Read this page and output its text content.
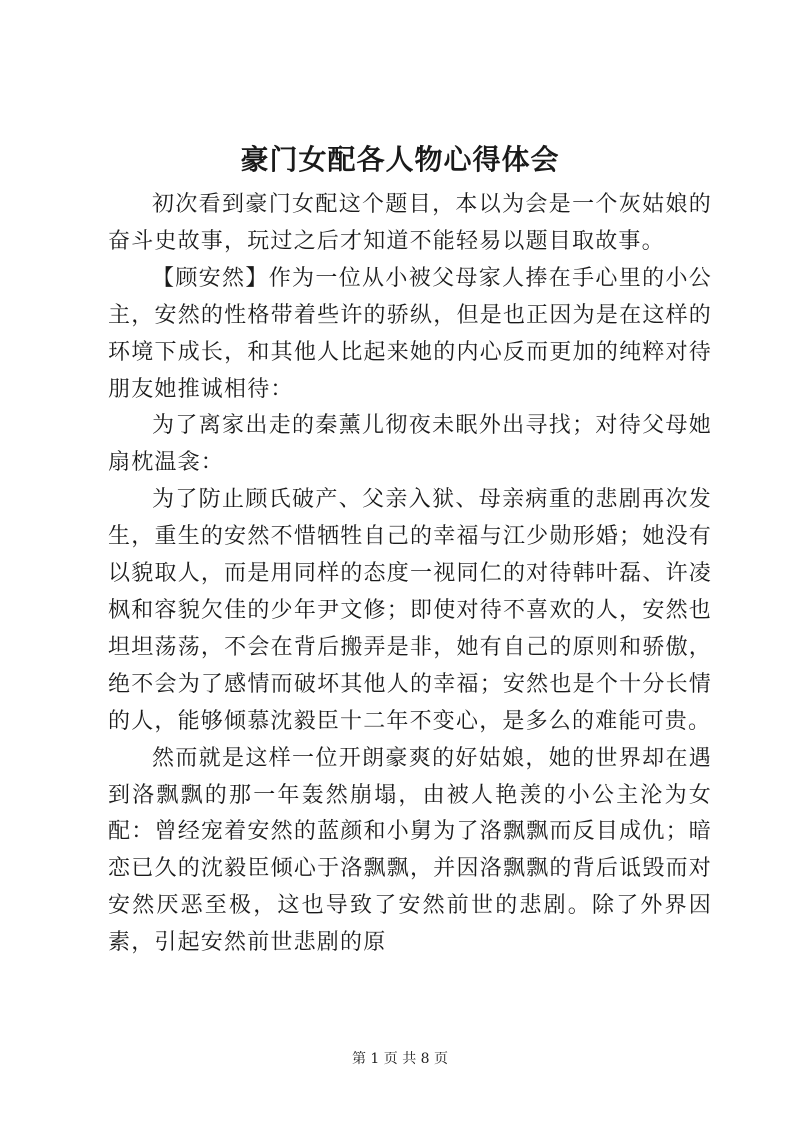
豪门女配各人物心得体会

初次看到豪门女配这个题目，本以为会是一个灰姑娘的奋斗史故事，玩过之后才知道不能轻易以题目取故事。

【顾安然】作为一位从小被父母家人捧在手心里的小公主，安然的性格带着些许的骄纵，但是也正因为是在这样的环境下成长，和其他人比起来她的内心反而更加的纯粹对待朋友她推诚相待：

为了离家出走的秦薰儿彻夜未眠外出寻找；对待父母她扇枕温衾：

为了防止顾氏破产、父亲入狱、母亲病重的悲剧再次发生，重生的安然不惜牺牲自己的幸福与江少勋形婚；她没有以貌取人，而是用同样的态度一视同仁的对待韩叶磊、许凌枫和容貌欠佳的少年尹文修；即使对待不喜欢的人，安然也坦坦荡荡，不会在背后搬弄是非，她有自己的原则和骄傲，绝不会为了感情而破坏其他人的幸福；安然也是个十分长情的人，能够倾慕沈毅臣十二年不变心，是多么的难能可贵。

然而就是这样一位开朗豪爽的好姑娘，她的世界却在遇到洛飘飘的那一年轰然崩塌，由被人艳羡的小公主沦为女配：曾经宠着安然的蓝颜和小舅为了洛飘飘而反目成仇；暗恋已久的沈毅臣倾心于洛飘飘，并因洛飘飘的背后诋毁而对安然厌恶至极，这也导致了安然前世的悲剧。除了外界因素，引起安然前世悲剧的原

第 1 页 共 8 页
